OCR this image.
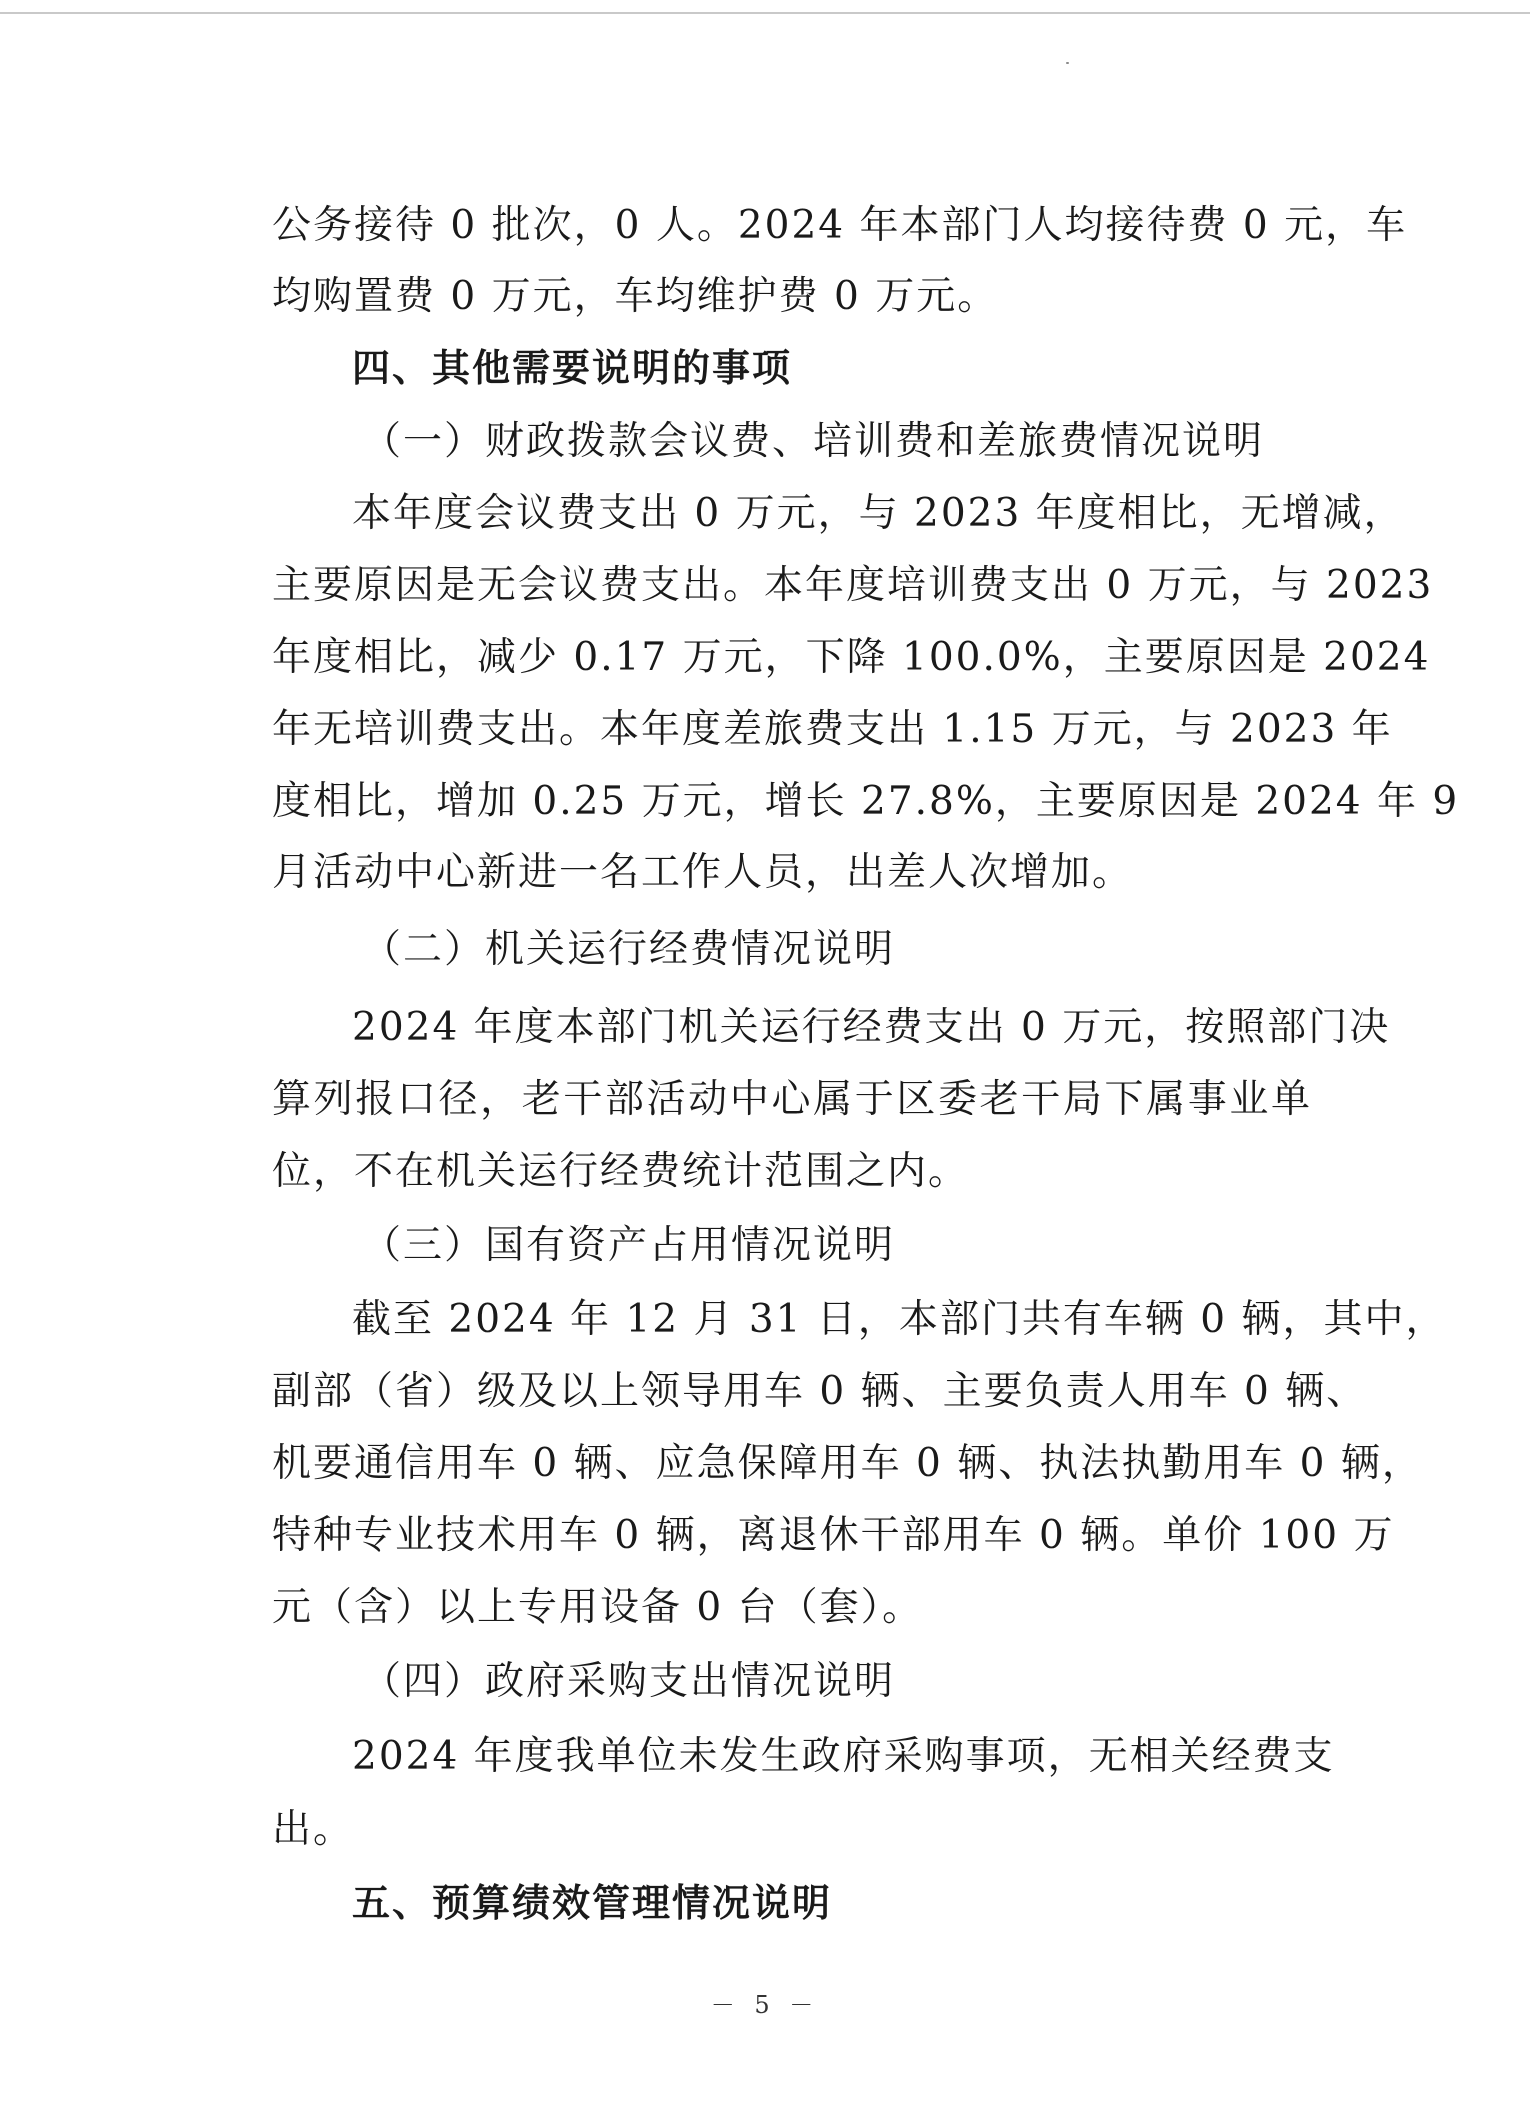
公务接待 0 批次，0 人。2024 年本部门人均接待费 0 元，车
均购置费 0 万元，车均维护费 0 万元。
四、其他需要说明的事项
（一）财政拨款会议费、培训费和差旅费情况说明
本年度会议费支出 0 万元，与 2023 年度相比，无增减，
主要原因是无会议费支出。本年度培训费支出 0 万元，与 2023
年度相比，减少 0.17 万元，下降 100.0%，主要原因是 2024
年无培训费支出。本年度差旅费支出 1.15 万元，与 2023 年
度相比，增加 0.25 万元，增长 27.8%，主要原因是 2024 年 9
月活动中心新进一名工作人员，出差人次增加。
（二）机关运行经费情况说明
2024 年度本部门机关运行经费支出 0 万元，按照部门决
算列报口径，老干部活动中心属于区委老干局下属事业单
位，不在机关运行经费统计范围之内。
（三）国有资产占用情况说明
截至 2024 年 12 月 31 日，本部门共有车辆 0 辆，其中，
副部（省）级及以上领导用车 0 辆、主要负责人用车 0 辆、
机要通信用车 0 辆、应急保障用车 0 辆、执法执勤用车 0 辆，
特种专业技术用车 0 辆，离退休干部用车 0 辆。单价 100 万
元（含）以上专用设备 0 台（套）。
（四）政府采购支出情况说明
2024 年度我单位未发生政府采购事项，无相关经费支
出。
五、预算绩效管理情况说明
－ 5 －
